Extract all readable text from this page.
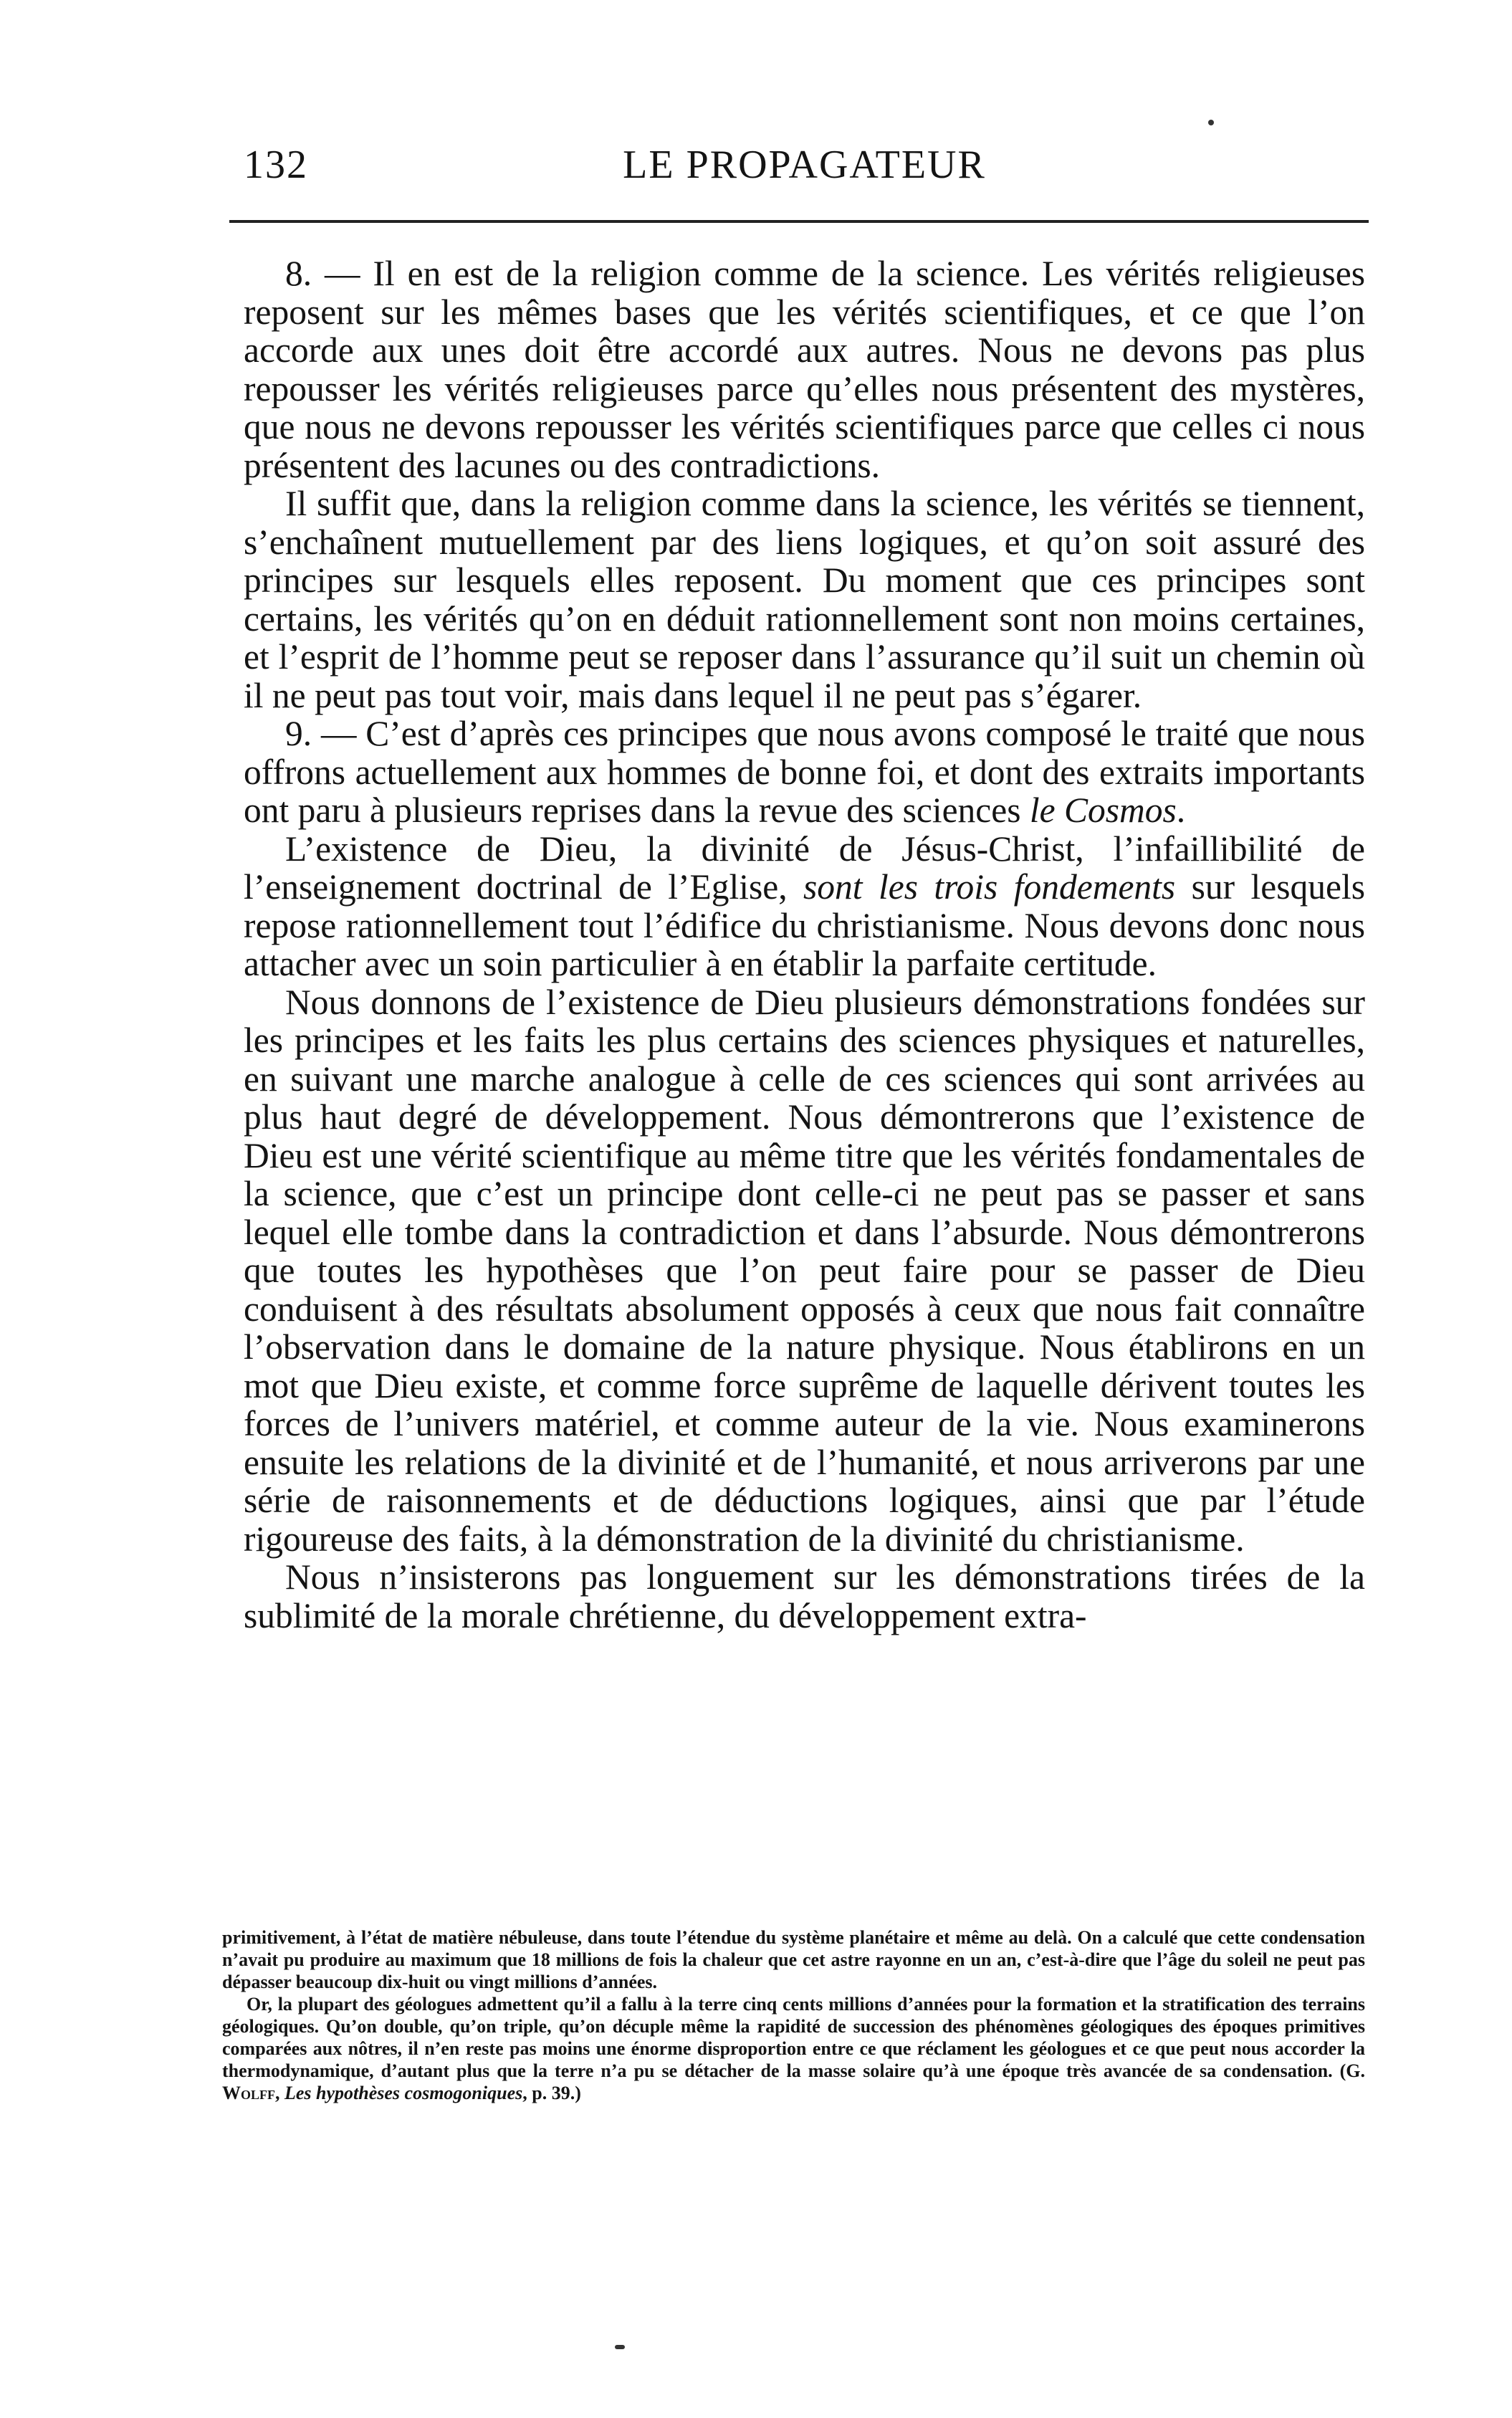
132	LE PROPAGATEUR

8. — Il en est de la religion comme de la science. Les vérités religieuses reposent sur les mêmes bases que les vérités scientifiques, et ce que l’on accorde aux unes doit être accordé aux autres. Nous ne devons pas plus repousser les vérités religieuses parce qu’elles nous présentent des mystères, que nous ne devons repousser les vérités scientifiques parce que celles ci nous présentent des lacunes ou des contradictions.

Il suffit que, dans la religion comme dans la science, les vérités se tiennent, s’enchaînent mutuellement par des liens logiques, et qu’on soit assuré des principes sur lesquels elles reposent. Du moment que ces principes sont certains, les vérités qu’on en déduit rationnellement sont non moins certaines, et l’esprit de l’homme peut se reposer dans l’assurance qu’il suit un chemin où il ne peut pas tout voir, mais dans lequel il ne peut pas s’égarer.

9. — C’est d’après ces principes que nous avons composé le traité que nous offrons actuellement aux hommes de bonne foi, et dont des extraits importants ont paru à plusieurs reprises dans la revue des sciences le Cosmos.

L’existence de Dieu, la divinité de Jésus-Christ, l’infaillibilité de l’enseignement doctrinal de l’Eglise, sont les trois fondements sur lesquels repose rationnellement tout l’édifice du christianisme. Nous devons donc nous attacher avec un soin particulier à en établir la parfaite certitude.

Nous donnons de l’existence de Dieu plusieurs démonstrations fondées sur les principes et les faits les plus certains des sciences physiques et naturelles, en suivant une marche analogue à celle de ces sciences qui sont arrivées au plus haut degré de développement. Nous démontrerons que l’existence de Dieu est une vérité scientifique au même titre que les vérités fondamentales de la science, que c’est un principe dont celle-ci ne peut pas se passer et sans lequel elle tombe dans la contradiction et dans l’absurde. Nous démontrerons que toutes les hypothèses que l’on peut faire pour se passer de Dieu conduisent à des résultats absolument opposés à ceux que nous fait connaître l’observation dans le domaine de la nature physique. Nous établirons en un mot que Dieu existe, et comme force suprême de laquelle dérivent toutes les forces de l’univers matériel, et comme auteur de la vie. Nous examinerons ensuite les relations de la divinité et de l’humanité, et nous arriverons par une série de raisonnements et de déductions logiques, ainsi que par l’étude rigoureuse des faits, à la démonstration de la divinité du christianisme.

Nous n’insisterons pas longuement sur les démonstrations tirées de la sublimité de la morale chrétienne, du développement extra-

primitivement, à l’état de matière nébuleuse, dans toute l’étendue du système planétaire et même au delà. On a calculé que cette condensation n’avait pu produire au maximum que 18 millions de fois la chaleur que cet astre rayonne en un an, c’est-à-dire que l’âge du soleil ne peut pas dépasser beaucoup dix-huit ou vingt millions d’années.

Or, la plupart des géologues admettent qu’il a fallu à la terre cinq cents millions d’années pour la formation et la stratification des terrains géologiques. Qu’on double, qu’on triple, qu’on décuple même la rapidité de succession des phénomènes géologiques des époques primitives comparées aux nôtres, il n’en reste pas moins une énorme disproportion entre ce que réclament les géologues et ce que peut nous accorder la thermodynamique, d’autant plus que la terre n’a pu se détacher de la masse solaire qu’à une époque très avancée de sa condensation. (G. Wolff, Les hypothèses cosmogoniques, p. 39.)
